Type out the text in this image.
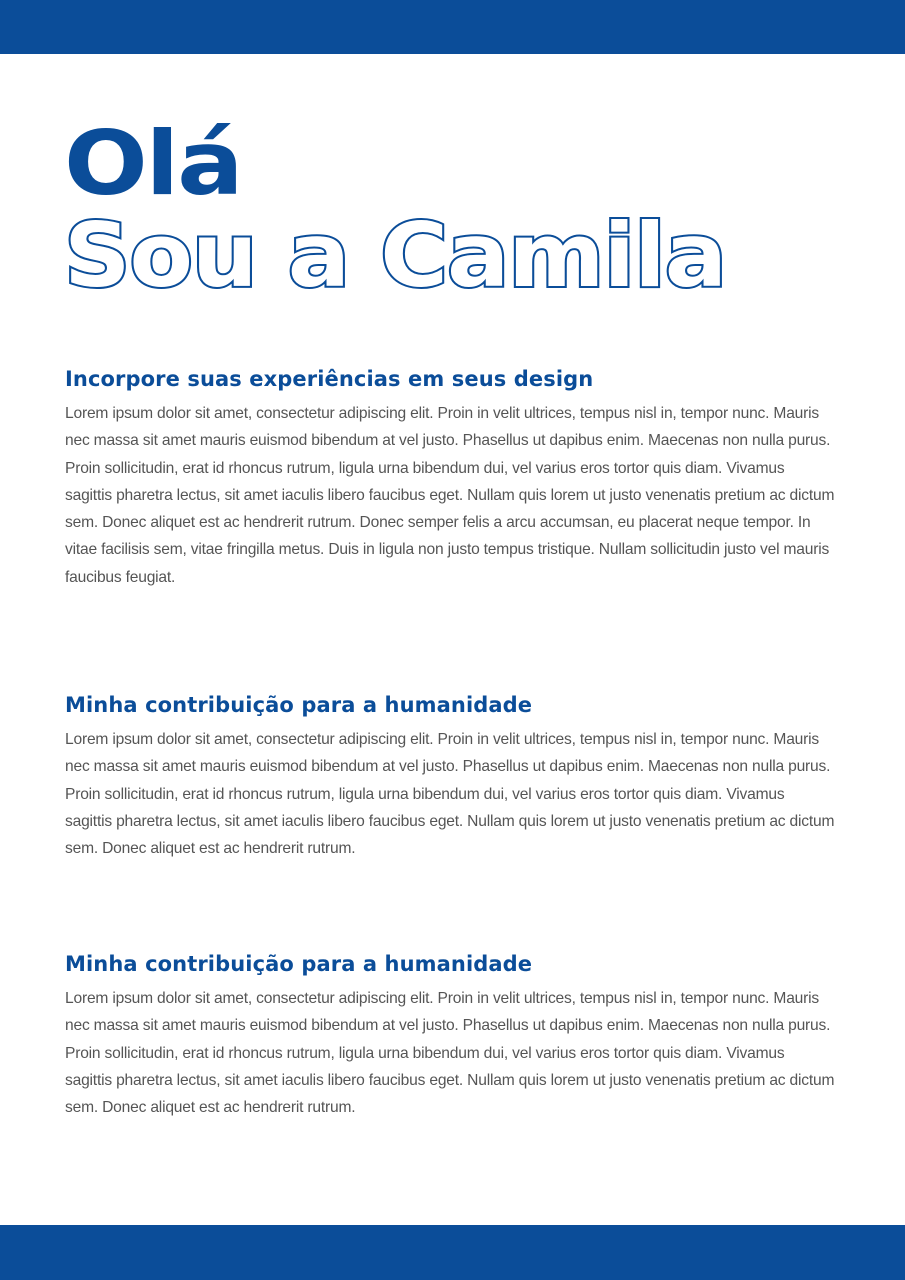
Olá
Sou a Camila
Incorpore suas experiências em seus design

Lorem ipsum dolor sit amet, consectetur adipiscing elit. Proin in velit ultrices, tempus nisl in, tempor nunc. Mauris nec massa sit amet mauris euismod bibendum at vel justo. Phasellus ut dapibus enim. Maecenas non nulla purus. Proin sollicitudin, erat id rhoncus rutrum, ligula urna bibendum dui, vel varius eros tortor quis diam. Vivamus sagittis pharetra lectus, sit amet iaculis libero faucibus eget. Nullam quis lorem ut justo venenatis pretium ac dictum sem. Donec aliquet est ac hendrerit rutrum. Donec semper felis a arcu accumsan, eu placerat neque tempor. In vitae facilisis sem, vitae fringilla metus. Duis in ligula non justo tempus tristique. Nullam sollicitudin justo vel mauris faucibus feugiat.

Minha contribuição para a humanidade

Lorem ipsum dolor sit amet, consectetur adipiscing elit. Proin in velit ultrices, tempus nisl in, tempor nunc. Mauris nec massa sit amet mauris euismod bibendum at vel justo. Phasellus ut dapibus enim. Maecenas non nulla purus. Proin sollicitudin, erat id rhoncus rutrum, ligula urna bibendum dui, vel varius eros tortor quis diam. Vivamus sagittis pharetra lectus, sit amet iaculis libero faucibus eget. Nullam quis lorem ut justo venenatis pretium ac dictum sem. Donec aliquet est ac hendrerit rutrum.

Minha contribuição para a humanidade

Lorem ipsum dolor sit amet, consectetur adipiscing elit. Proin in velit ultrices, tempus nisl in, tempor nunc. Mauris nec massa sit amet mauris euismod bibendum at vel justo. Phasellus ut dapibus enim. Maecenas non nulla purus. Proin sollicitudin, erat id rhoncus rutrum, ligula urna bibendum dui, vel varius eros tortor quis diam. Vivamus sagittis pharetra lectus, sit amet iaculis libero faucibus eget. Nullam quis lorem ut justo venenatis pretium ac dictum sem. Donec aliquet est ac hendrerit rutrum.
